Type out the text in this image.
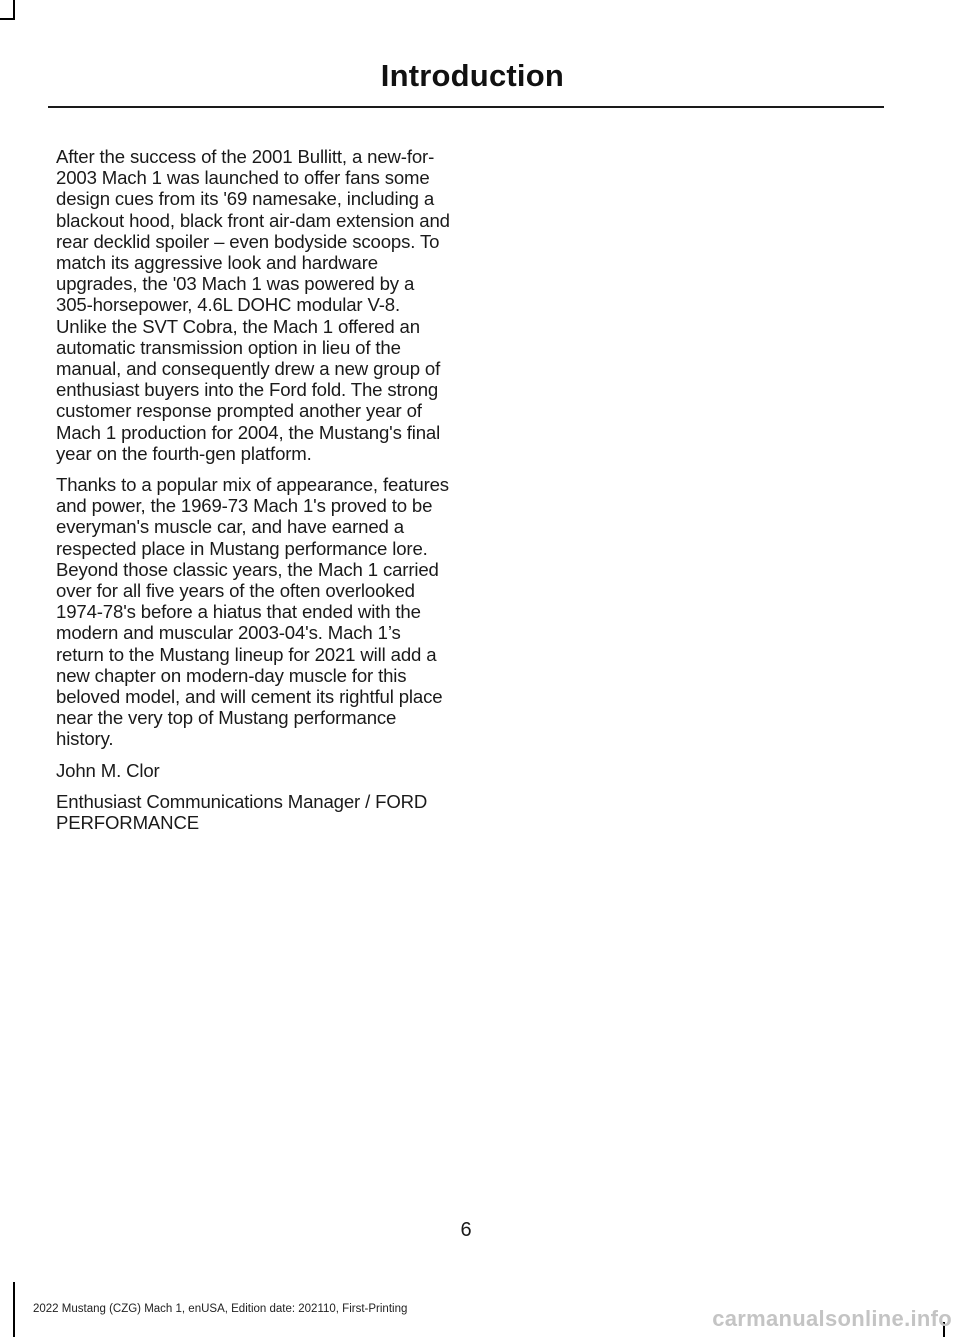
Introduction

After the success of the 2001 Bullitt, a new-for-2003 Mach 1 was launched to offer fans some design cues from its '69 namesake, including a blackout hood, black front air-dam extension and rear decklid spoiler – even bodyside scoops. To match its aggressive look and hardware upgrades, the '03 Mach 1 was powered by a 305-horsepower, 4.6L DOHC modular V-8. Unlike the SVT Cobra, the Mach 1 offered an automatic transmission option in lieu of the manual, and consequently drew a new group of enthusiast buyers into the Ford fold. The strong customer response prompted another year of Mach 1 production for 2004, the Mustang's final year on the fourth-gen platform.

Thanks to a popular mix of appearance, features and power, the 1969-73 Mach 1's proved to be everyman's muscle car, and have earned a respected place in Mustang performance lore. Beyond those classic years, the Mach 1 carried over for all five years of the often overlooked 1974-78's before a hiatus that ended with the modern and muscular 2003-04's. Mach 1’s return to the Mustang lineup for 2021 will add a new chapter on modern-day muscle for this beloved model, and will cement its rightful place near the very top of Mustang performance history.

John M. Clor

Enthusiast Communications Manager / FORD PERFORMANCE

6
2022 Mustang (CZG) Mach 1, enUSA, Edition date: 202110, First-Printing	carmanualsonline.info
